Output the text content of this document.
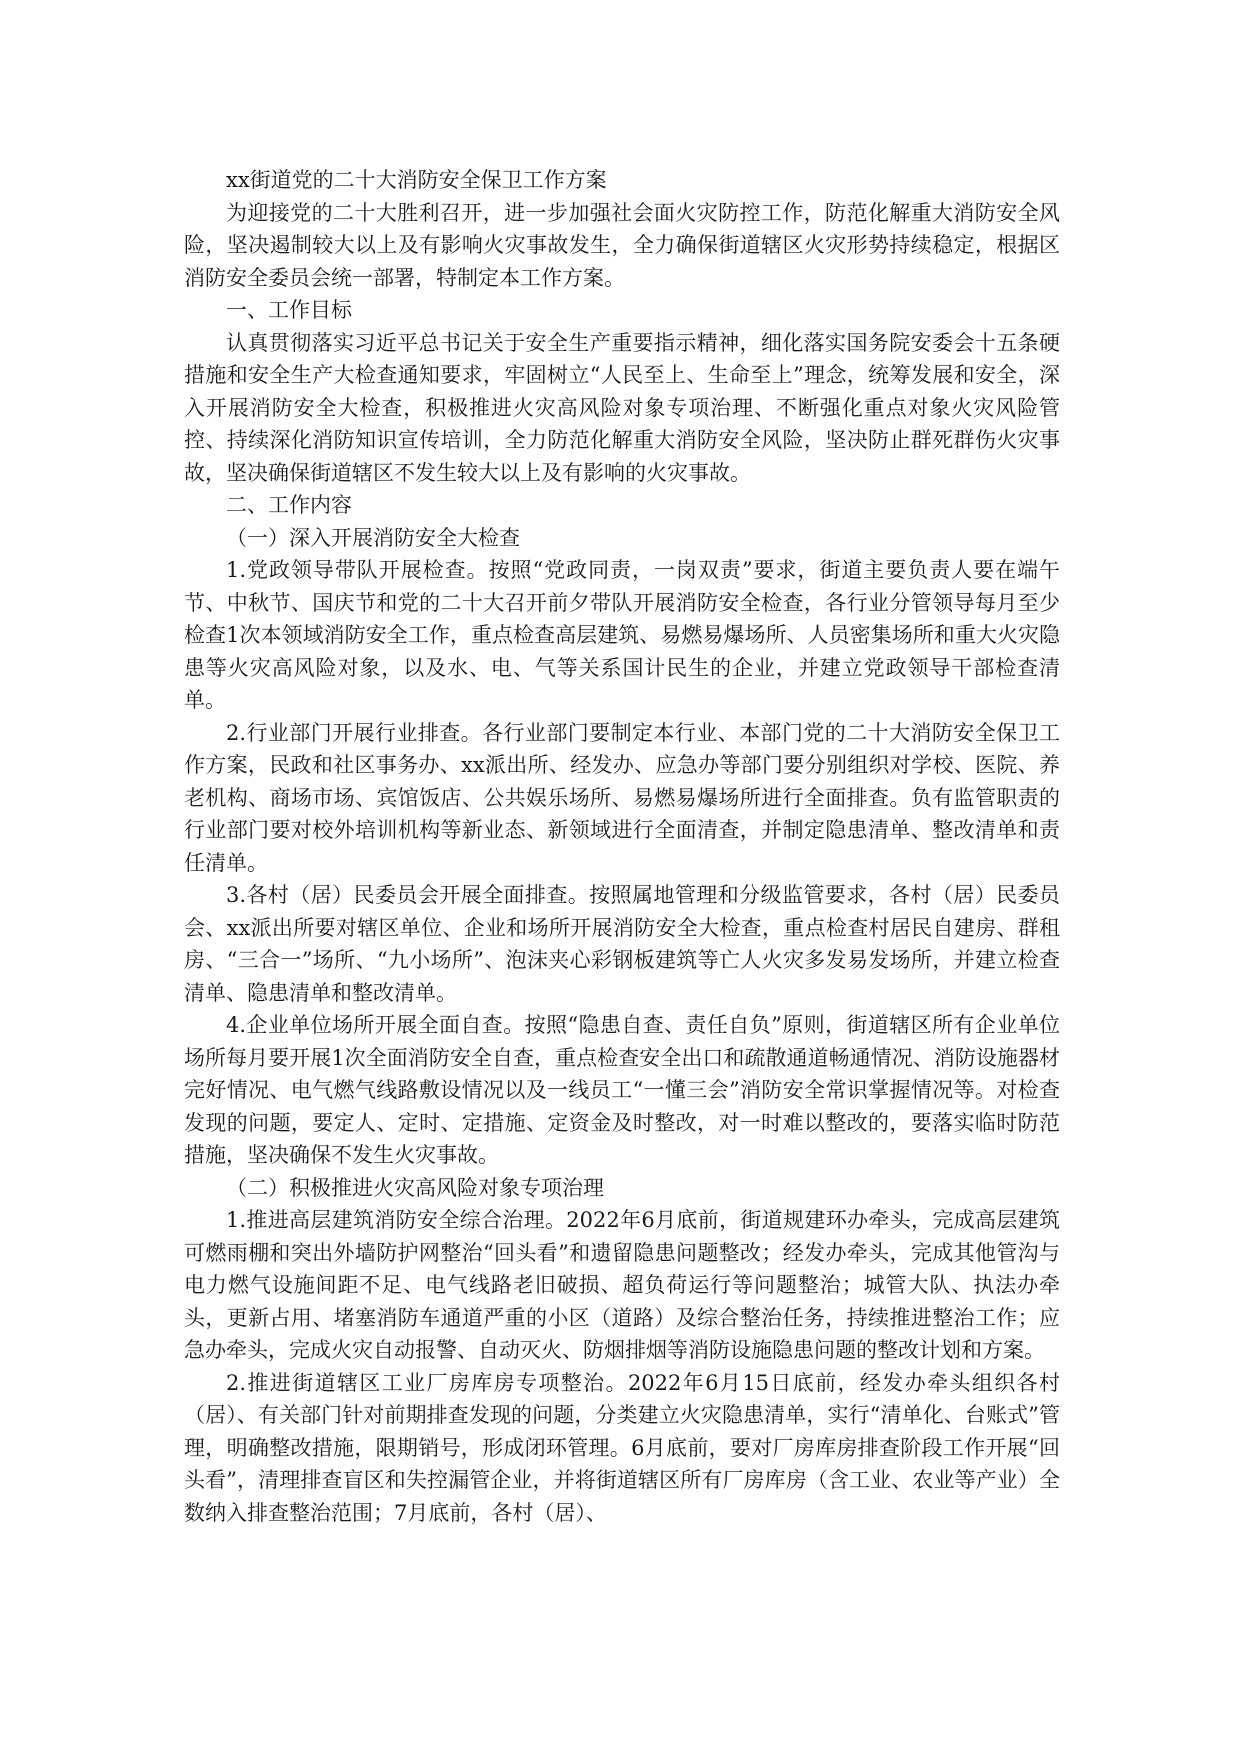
xx街道党的二十大消防安全保卫工作方案

为迎接党的二十大胜利召开，进一步加强社会面火灾防控工作，防范化解重大消防安全风险，坚决遏制较大以上及有影响火灾事故发生，全力确保街道辖区火灾形势持续稳定，根据区消防安全委员会统一部署，特制定本工作方案。

一、工作目标

认真贯彻落实习近平总书记关于安全生产重要指示精神，细化落实国务院安委会十五条硬措施和安全生产大检查通知要求，牢固树立“人民至上、生命至上”理念，统筹发展和安全，深入开展消防安全大检查，积极推进火灾高风险对象专项治理、不断强化重点对象火灾风险管控、持续深化消防知识宣传培训，全力防范化解重大消防安全风险，坚决防止群死群伤火灾事故，坚决确保街道辖区不发生较大以上及有影响的火灾事故。

二、工作内容

（一）深入开展消防安全大检查

1.党政领导带队开展检查。按照“党政同责，一岗双责”要求，街道主要负责人要在端午节、中秋节、国庆节和党的二十大召开前夕带队开展消防安全检查，各行业分管领导每月至少检查1次本领域消防安全工作，重点检查高层建筑、易燃易爆场所、人员密集场所和重大火灾隐患等火灾高风险对象，以及水、电、气等关系国计民生的企业，并建立党政领导干部检查清单。

2.行业部门开展行业排查。各行业部门要制定本行业、本部门党的二十大消防安全保卫工作方案，民政和社区事务办、xx派出所、经发办、应急办等部门要分别组织对学校、医院、养老机构、商场市场、宾馆饭店、公共娱乐场所、易燃易爆场所进行全面排查。负有监管职责的行业部门要对校外培训机构等新业态、新领域进行全面清查，并制定隐患清单、整改清单和责任清单。

3.各村（居）民委员会开展全面排查。按照属地管理和分级监管要求，各村（居）民委员会、xx派出所要对辖区单位、企业和场所开展消防安全大检查，重点检查村居民自建房、群租房、“三合一”场所、“九小场所”、泡沫夹心彩钢板建筑等亡人火灾多发易发场所，并建立检查清单、隐患清单和整改清单。

4.企业单位场所开展全面自查。按照“隐患自查、责任自负”原则，街道辖区所有企业单位场所每月要开展1次全面消防安全自查，重点检查安全出口和疏散通道畅通情况、消防设施器材完好情况、电气燃气线路敷设情况以及一线员工“一懂三会”消防安全常识掌握情况等。对检查发现的问题，要定人、定时、定措施、定资金及时整改，对一时难以整改的，要落实临时防范措施，坚决确保不发生火灾事故。

（二）积极推进火灾高风险对象专项治理

1.推进高层建筑消防安全综合治理。2022年6月底前，街道规建环办牵头，完成高层建筑可燃雨棚和突出外墙防护网整治“回头看”和遗留隐患问题整改；经发办牵头，完成其他管沟与电力燃气设施间距不足、电气线路老旧破损、超负荷运行等问题整治；城管大队、执法办牵头，更新占用、堵塞消防车通道严重的小区（道路）及综合整治任务，持续推进整治工作；应急办牵头，完成火灾自动报警、自动灭火、防烟排烟等消防设施隐患问题的整改计划和方案。

2.推进街道辖区工业厂房库房专项整治。2022年6月15日底前，经发办牵头组织各村（居）、有关部门针对前期排查发现的问题，分类建立火灾隐患清单，实行“清单化、台账式”管理，明确整改措施，限期销号，形成闭环管理。6月底前，要对厂房库房排查阶段工作开展“回头看”，清理排查盲区和失控漏管企业，并将街道辖区所有厂房库房（含工业、农业等产业）全数纳入排查整治范围；7月底前，各村（居）、
